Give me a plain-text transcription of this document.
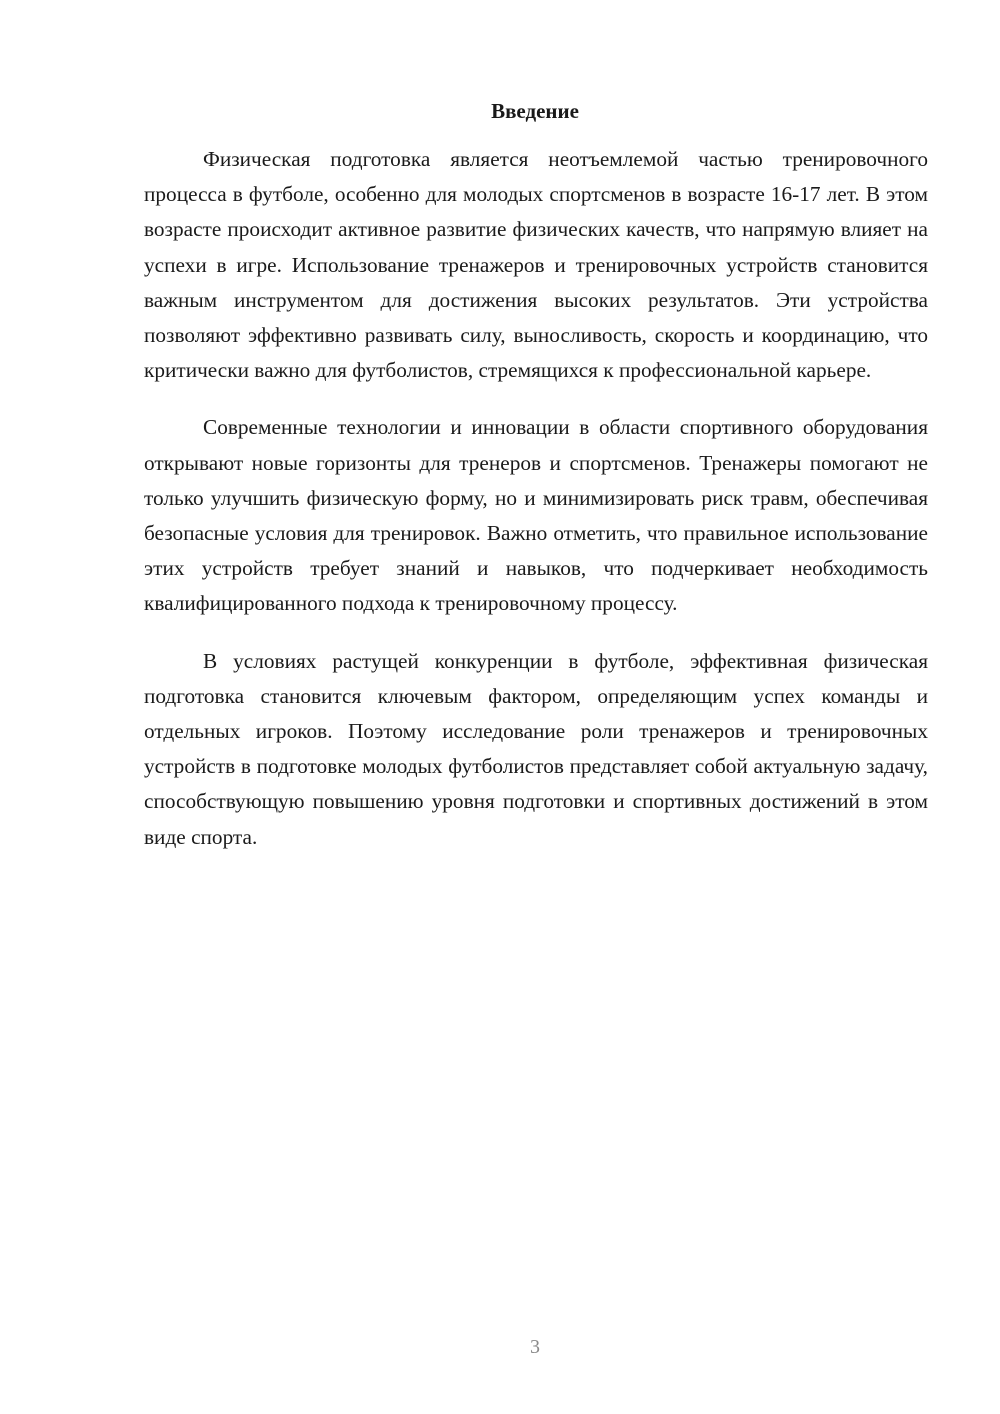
Введение

Физическая подготовка является неотъемлемой частью тренировочного процесса в футболе, особенно для молодых спортсменов в возрасте 16-17 лет. В этом возрасте происходит активное развитие физических качеств, что напрямую влияет на успехи в игре. Использование тренажеров и тренировочных устройств становится важным инструментом для достижения высоких результатов. Эти устройства позволяют эффективно развивать силу, выносливость, скорость и координацию, что критически важно для футболистов, стремящихся к профессиональной карьере.

Современные технологии и инновации в области спортивного оборудования открывают новые горизонты для тренеров и спортсменов. Тренажеры помогают не только улучшить физическую форму, но и минимизировать риск травм, обеспечивая безопасные условия для тренировок. Важно отметить, что правильное использование этих устройств требует знаний и навыков, что подчеркивает необходимость квалифицированного подхода к тренировочному процессу.

В условиях растущей конкуренции в футболе, эффективная физическая подготовка становится ключевым фактором, определяющим успех команды и отдельных игроков. Поэтому исследование роли тренажеров и тренировочных устройств в подготовке молодых футболистов представляет собой актуальную задачу, способствующую повышению уровня подготовки и спортивных достижений в этом виде спорта.

3
